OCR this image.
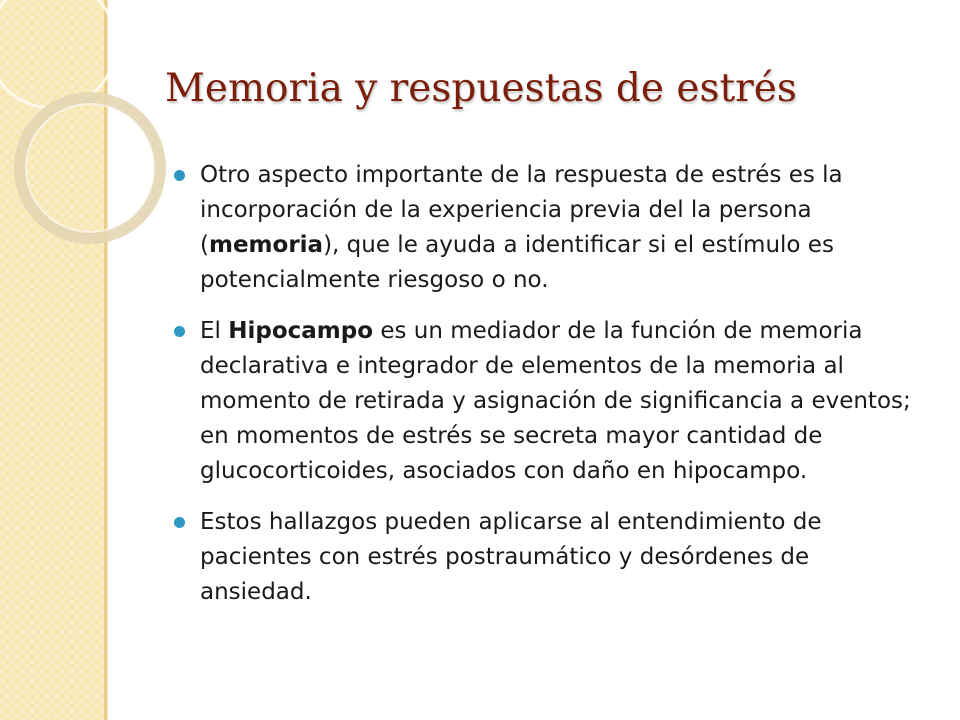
Memoria y respuestas de estrés
Otro aspecto importante de la respuesta de estrés es la incorporación de la experiencia previa del la persona (memoria), que le ayuda a identificar si el estímulo es potencialmente riesgoso o no.
El Hipocampo es un mediador de la función de memoria declarativa e integrador de elementos de la memoria al momento de retirada y asignación de significancia a eventos; en momentos de estrés se secreta mayor cantidad de glucocorticoides, asociados con daño en hipocampo.
Estos hallazgos pueden aplicarse al entendimiento de pacientes con estrés postraumático y desórdenes de ansiedad.
